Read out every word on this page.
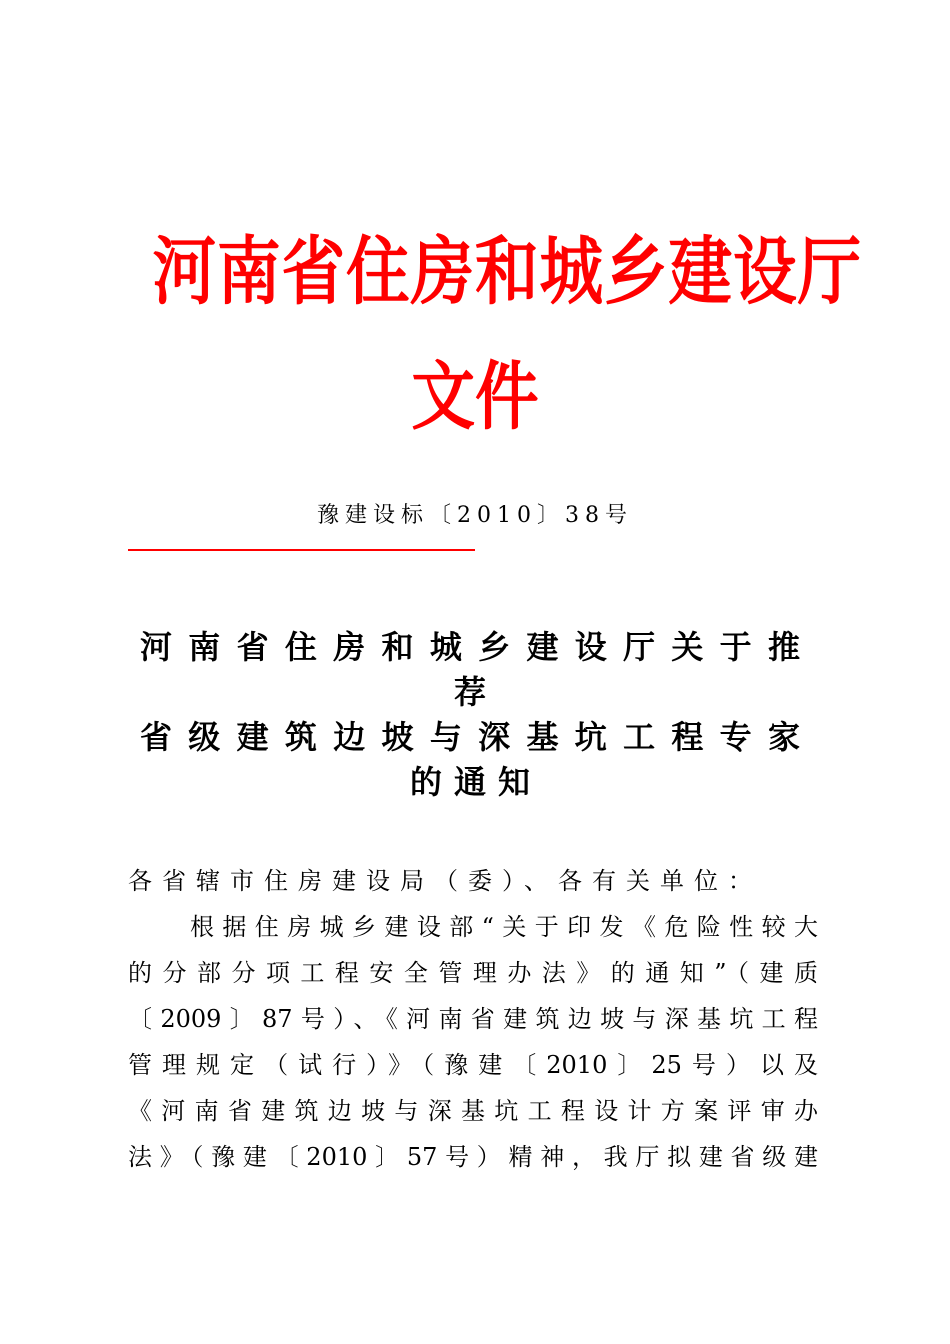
河南省住房和城乡建设厅
文件
豫建设标〔2010〕38号
河南省住房和城乡建设厅关于推
荐
省级建筑边坡与深基坑工程专家
的通知
各省辖市住房建设局（委）、各有关单位：
根据住房城乡建设部“关于印发《危险性较大
的分部分项工程安全管理办法》的通知”（建质
〔2009〕87号）、《河南省建筑边坡与深基坑工程
管理规定（试行）》（豫建〔2010〕25号）以及
《河南省建筑边坡与深基坑工程设计方案评审办
法》（豫建〔2010〕57号）精神，我厅拟建省级建
